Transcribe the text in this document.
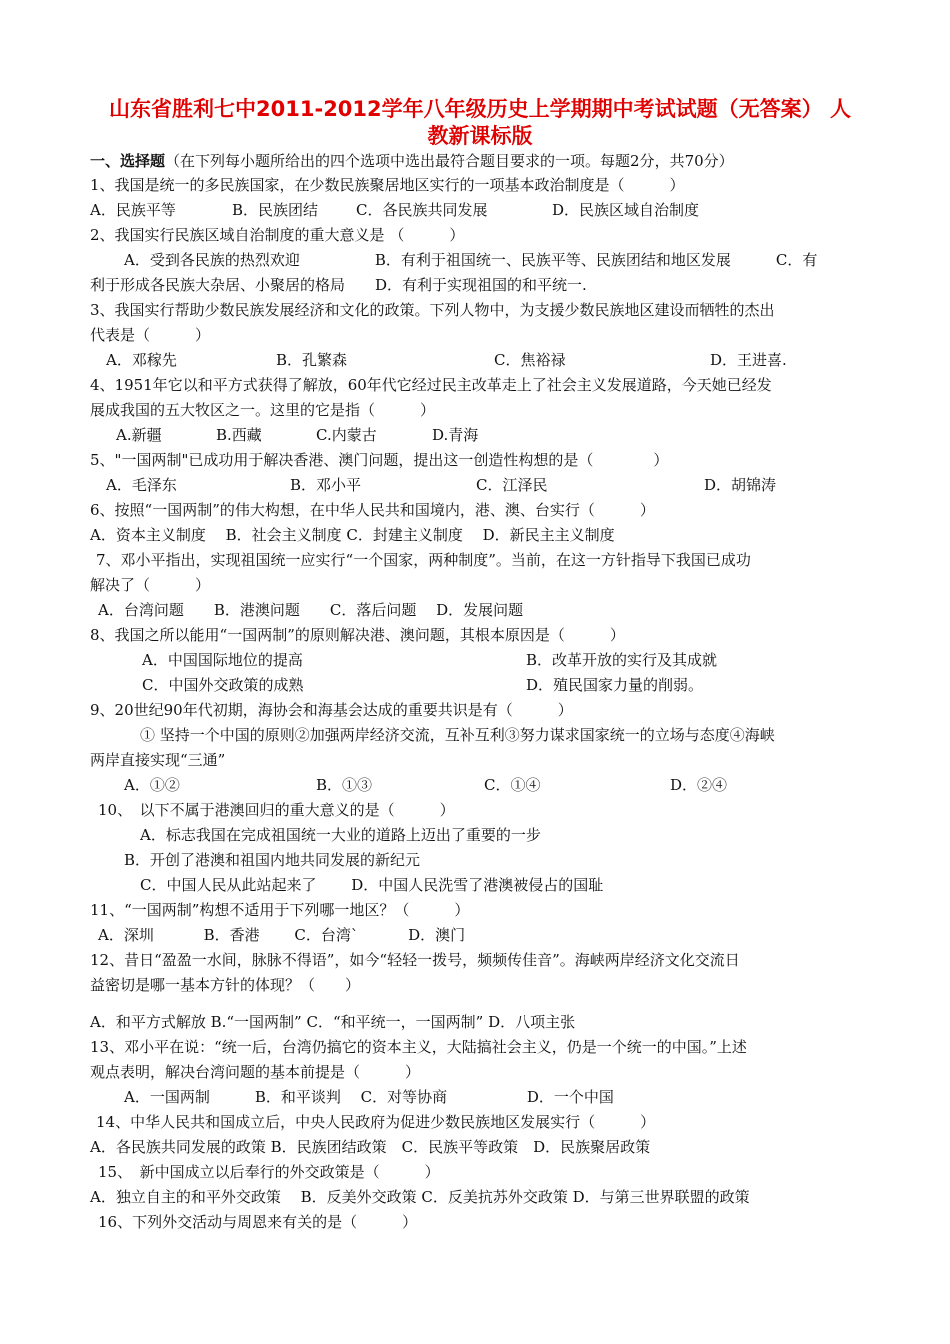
山东省胜利七中2011-2012学年八年级历史上学期期中考试试题（无答案） 人
教新课标版
一、选择题（在下列每小题所给出的四个选项中选出最符合题目要求的一项。每题2分，共70分）
1、我国是统一的多民族国家，在少数民族聚居地区实行的一项基本政治制度是（　　　）
A．民族平等	B．民族团结	C．各民族共同发展	D．民族区域自治制度
2、我国实行民族区域自治制度的重大意义是 （　　　）
A．受到各民族的热烈欢迎　　　　　B．有利于祖国统一、民族平等、民族团结和地区发展　　　C．有
利于形成各民族大杂居、小聚居的格局　　D．有利于实现祖国的和平统一.
3、我国实行帮助少数民族发展经济和文化的政策。下列人物中，为支援少数民族地区建设而牺牲的杰出
代表是（　　　）
A．邓稼先	B．孔繁森	C．焦裕禄	D．王进喜.
4、1951年它以和平方式获得了解放，60年代它经过民主改革走上了社会主义发展道路，今天她已经发
展成我国的五大牧区之一。这里的它是指（　　　）
A.新疆	B.西藏	C.内蒙古	D.青海
5、"一国两制"已成功用于解决香港、澳门问题，提出这一创造性构想的是（　　　　）
A．毛泽东	B．邓小平	C．江泽民	D．胡锦涛
6、按照“一国两制”的伟大构想，在中华人民共和国境内，港、澳、台实行（　　　）
A．资本主义制度　 B．社会主义制度 C．封建主义制度　 D．新民主主义制度
7、邓小平指出，实现祖国统一应实行“一个国家，两种制度”。当前，在这一方针指导下我国已成功
解决了（　　　）
A．台湾问题　　B．港澳问题　　C．落后问题　 D．发展问题
8、我国之所以能用“一国两制”的原则解决港、澳问题，其根本原因是（　　　）
A．中国国际地位的提高	B．改革开放的实行及其成就
C．中国外交政策的成熟	D．殖民国家力量的削弱。
9、20世纪90年代初期，海协会和海基会达成的重要共识是有（　　　）
① 坚持一个中国的原则②加强两岸经济交流，互补互利③努力谋求国家统一的立场与态度④海峡
两岸直接实现“三通”
A．①②	B．①③	C．①④	D．②④
10、　以下不属于港澳回归的重大意义的是（　　　）
A．标志我国在完成祖国统一大业的道路上迈出了重要的一步
B．开创了港澳和祖国内地共同发展的新纪元
C．中国人民从此站起来了　　 D．中国人民洗雪了港澳被侵占的国耻
11、“一国两制”构想不适用于下列哪一地区？（　　　）
A．深圳　　　 B．香港　　 C．台湾`　　　 D．澳门
12、昔日“盈盈一水间，脉脉不得语”，如今“轻轻一拨号，频频传佳音”。海峡两岸经济文化交流日
益密切是哪一基本方针的体现？（　　）
A．和平方式解放 B.“一国两制” C．“和平统一，一国两制” D．八项主张
13、邓小平在说：“统一后，台湾仍搞它的资本主义，大陆搞社会主义，仍是一个统一的中国。”上述
观点表明，解决台湾问题的基本前提是（　　　）
A．一国两制　　　B．和平谈判　 C．对等协商　　　　　 D．一个中国
14、中华人民共和国成立后，中央人民政府为促进少数民族地区发展实行（　　　）
A．各民族共同发展的政策 B．民族团结政策　C．民族平等政策　D．民族聚居政策
15、　新中国成立以后奉行的外交政策是（　　　）
A．独立自主的和平外交政策　 B．反美外交政策 C．反美抗苏外交政策 D．与第三世界联盟的政策
16、下列外交活动与周恩来有关的是（　　　）
